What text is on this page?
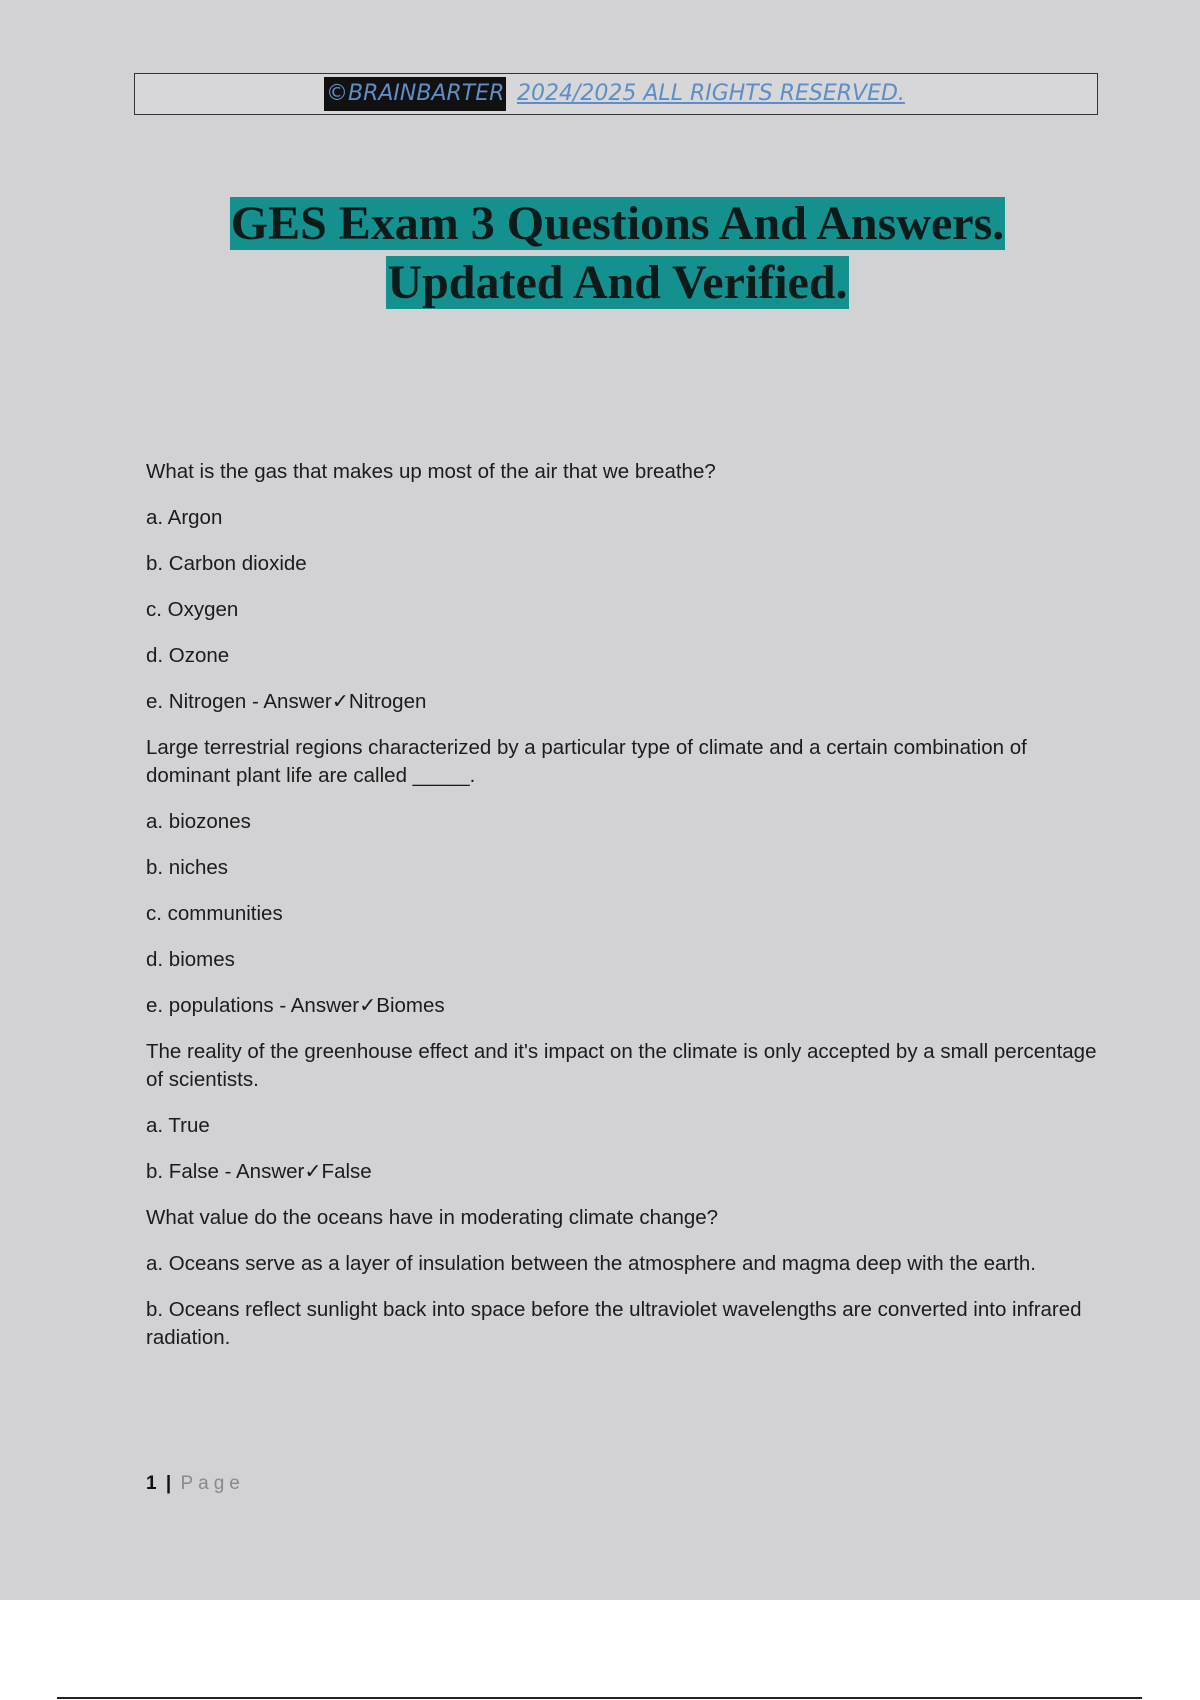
©BRAINBARTER 2024/2025 ALL RIGHTS RESERVED.
GES Exam 3 Questions And Answers.
Updated And Verified.

What is the gas that makes up most of the air that we breathe?

a. Argon

b. Carbon dioxide

c. Oxygen

d. Ozone

e. Nitrogen - Answer✓Nitrogen

Large terrestrial regions characterized by a particular type of climate and a certain combination of dominant plant life are called _____.

a. biozones

b. niches

c. communities

d. biomes

e. populations - Answer✓Biomes

The reality of the greenhouse effect and it's impact on the climate is only accepted by a small percentage of scientists.

a. True

b. False - Answer✓False

What value do the oceans have in moderating climate change?

a. Oceans serve as a layer of insulation between the atmosphere and magma deep with the earth.

b. Oceans reflect sunlight back into space before the ultraviolet wavelengths are converted into infrared radiation.

1 | Page
